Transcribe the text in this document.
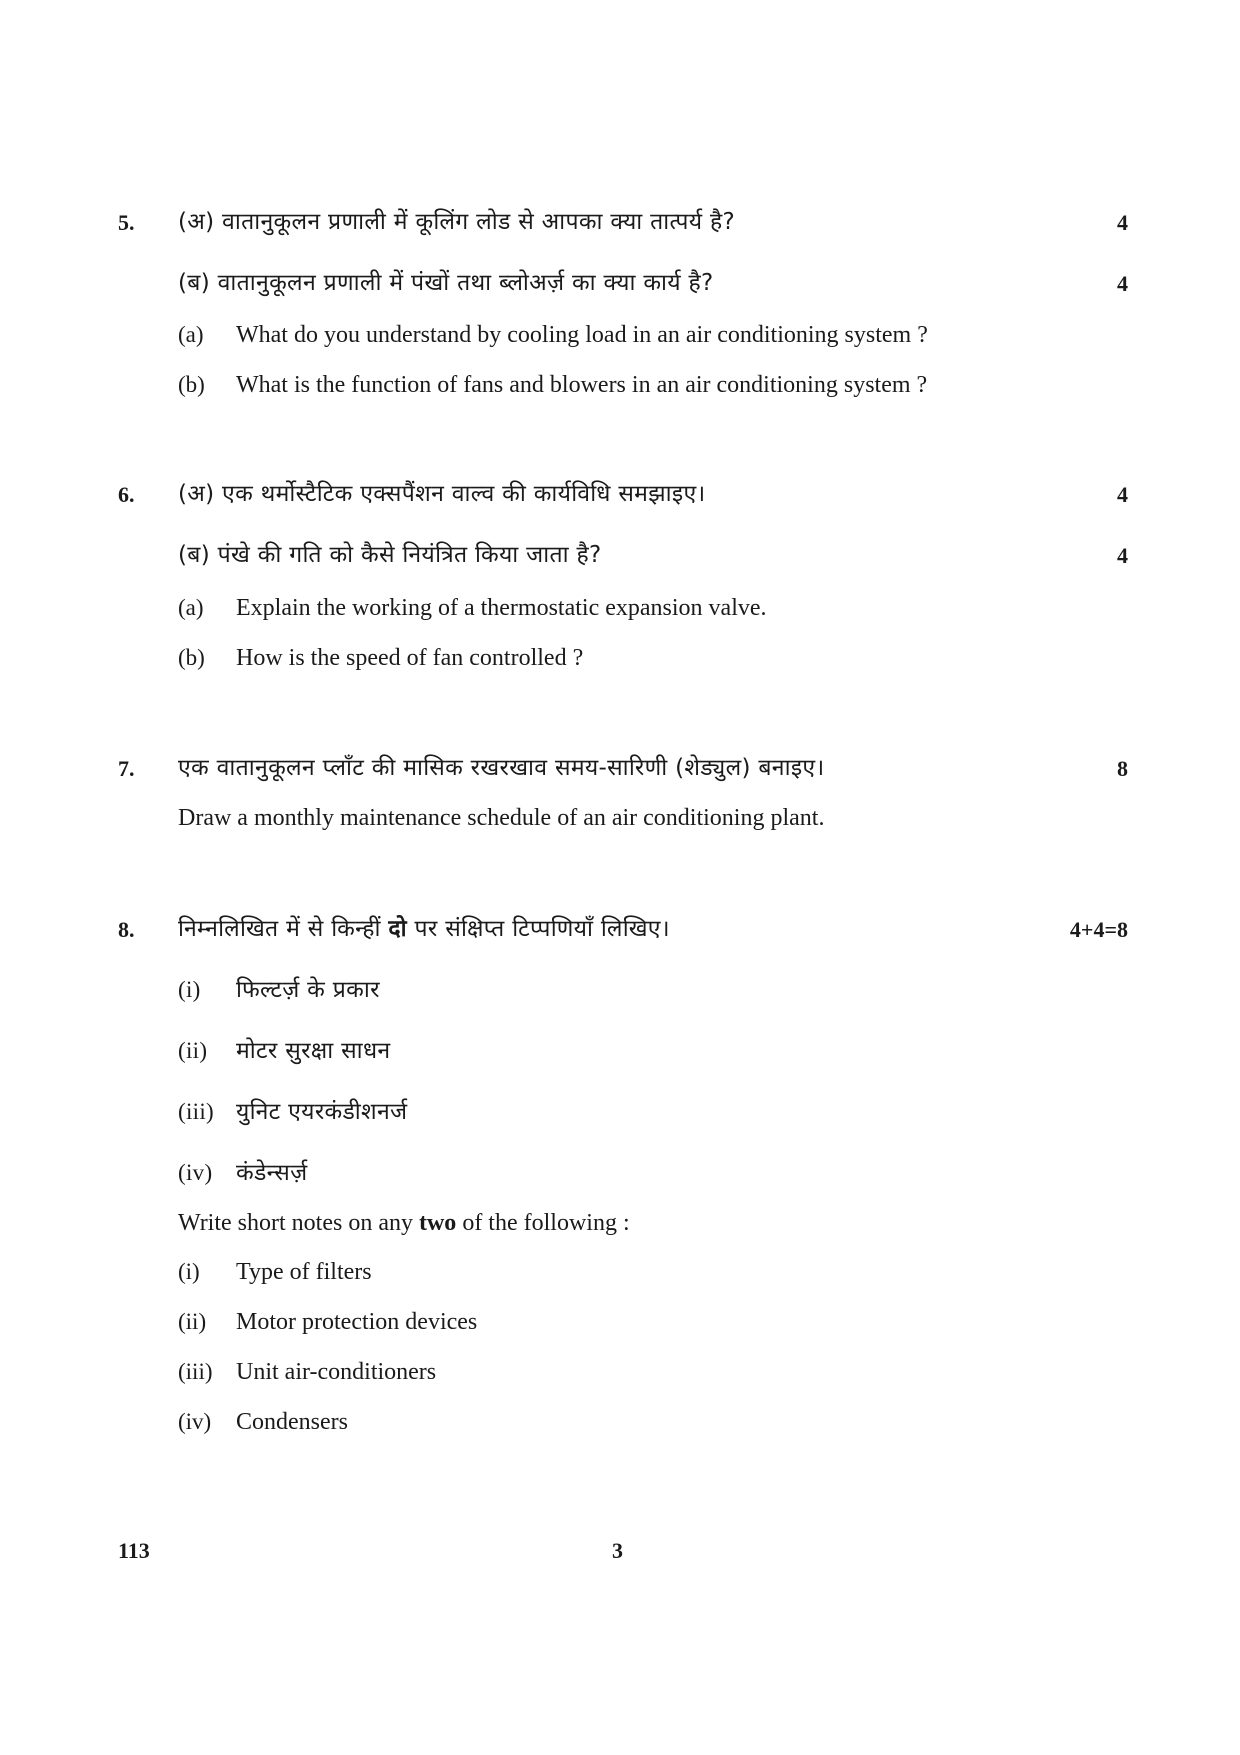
5. (अ) वातानुकूलन प्रणाली में कूलिंग लोड से आपका क्या तात्पर्य है?	4
(ब) वातानुकूलन प्रणाली में पंखों तथा ब्लोअर्ज़ का क्या कार्य है?	4
(a) What do you understand by cooling load in an air conditioning system ?
(b) What is the function of fans and blowers in an air conditioning system ?
6. (अ) एक थर्मोस्टैटिक एक्सपैंशन वाल्व की कार्यविधि समझाइए।	4
(ब) पंखे की गति को कैसे नियंत्रित किया जाता है?	4
(a) Explain the working of a thermostatic expansion valve.
(b) How is the speed of fan controlled ?
7. एक वातानुकूलन प्लाँट की मासिक रखरखाव समय-सारिणी (शेड्युल) बनाइए।	8
Draw a monthly maintenance schedule of an air conditioning plant.
8. निम्नलिखित में से किन्हीं दो पर संक्षिप्त टिप्पणियाँ लिखिए।	4+4=8
(i) फिल्टर्ज़ के प्रकार
(ii) मोटर सुरक्षा साधन
(iii) युनिट एयरकंडीशनर्ज
(iv) कंडेन्सर्ज़
Write short notes on any two of the following :
(i) Type of filters
(ii) Motor protection devices
(iii) Unit air-conditioners
(iv) Condensers
113	3
